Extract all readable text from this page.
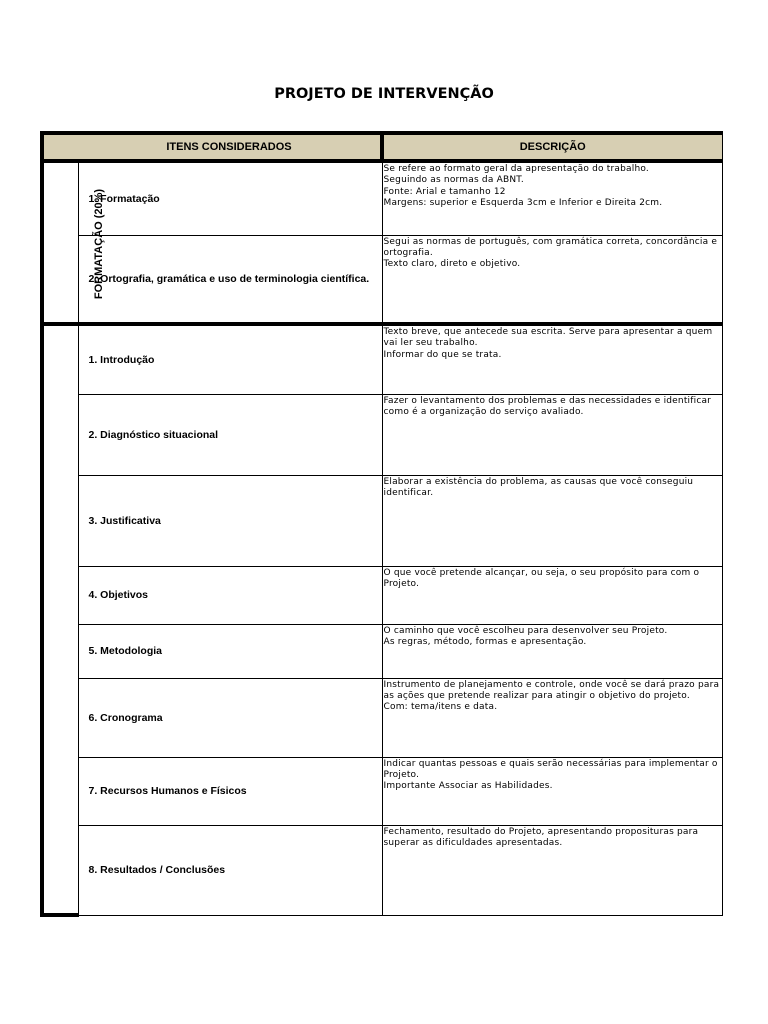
PROJETO DE INTERVENÇÃO
	ITENS CONSIDERADOS	DESCRIÇÃO
FORMATAÇÃO (20%)	1. Formatação	Se refere ao formato geral da apresentação do trabalho.
Seguindo as normas da ABNT.
Fonte: Arial e tamanho 12
Margens: superior e Esquerda 3cm e Inferior e Direita 2cm.
	2. Ortografia, gramática e uso de terminologia científica.	Segui as normas de português, com gramática correta, concordância e ortografia.
Texto claro, direto e objetivo.
	1. Introdução	Texto breve, que antecede sua escrita. Serve para apresentar a quem vai ler seu trabalho.
Informar do que se trata.
	2. Diagnóstico situacional	Fazer o levantamento dos problemas e das necessidades e identificar como é a organização do serviço avaliado.
	3. Justificativa	Elaborar a existência do problema, as causas que você conseguiu identificar.
	4. Objetivos	O que você pretende alcançar, ou seja, o seu propósito para com o Projeto.
	5. Metodologia	O caminho que você escolheu para desenvolver seu Projeto.
As regras, método, formas e apresentação.
	6. Cronograma	Instrumento de planejamento e controle, onde você se dará prazo para as ações que pretende realizar para atingir o objetivo do projeto.
Com: tema/itens e data.
	7. Recursos Humanos e Físicos	Indicar quantas pessoas e quais serão necessárias para implementar o Projeto.
Importante Associar as Habilidades.
	8. Resultados / Conclusões	Fechamento, resultado do Projeto, apresentando proposituras para superar as dificuldades apresentadas.
